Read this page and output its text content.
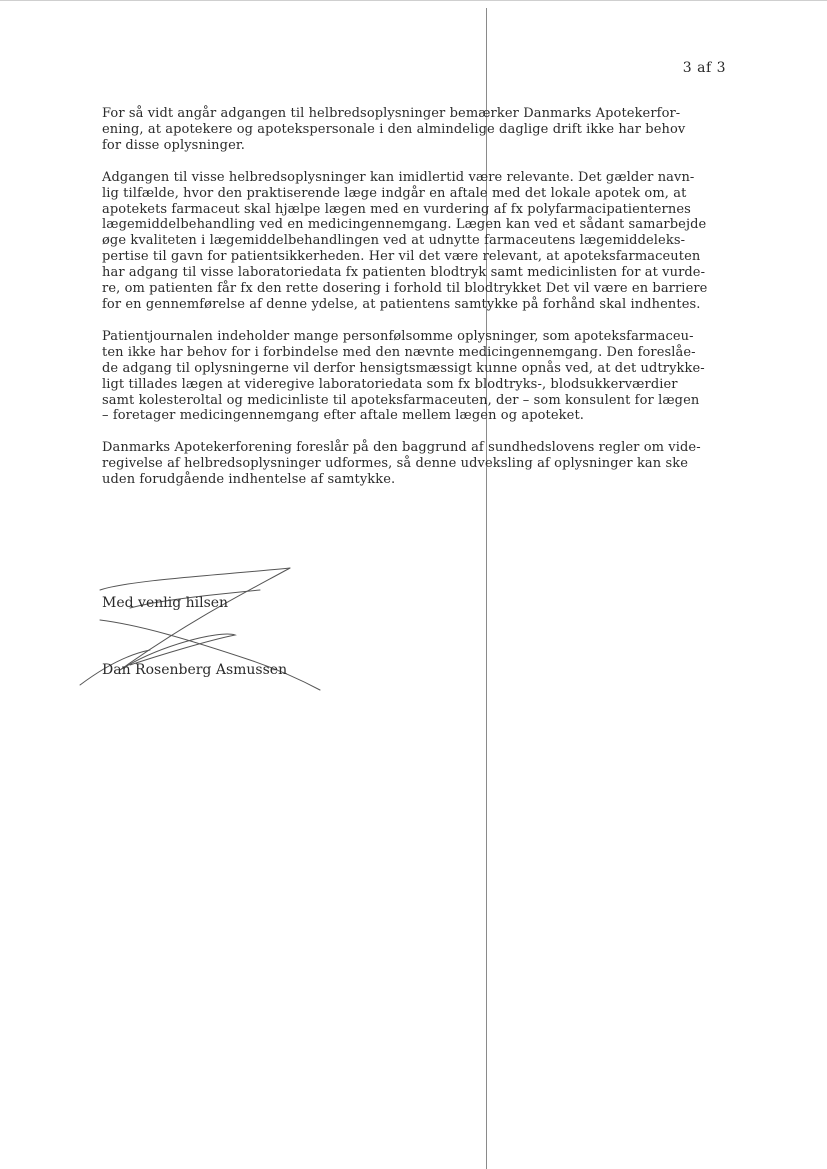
3 af 3

For så vidt angår adgangen til helbredsoplysninger bemærker Danmarks Apotekerfor-
ening, at apotekere og apotekspersonale i den almindelige daglige drift ikke har behov
for disse oplysninger.

Adgangen til visse helbredsoplysninger kan imidlertid være relevante. Det gælder navn-
lig tilfælde, hvor den praktiserende læge indgår en aftale med det lokale apotek om, at
apotekets farmaceut skal hjælpe lægen med en vurdering af fx polyfarmacipatienternes
lægemiddelbehandling ved en medicingennemgang. Lægen kan ved et sådant samarbejde
øge kvaliteten i lægemiddelbehandlingen ved at udnytte farmaceutens lægemiddeleks-
pertise til gavn for patientsikkerheden. Her vil det være relevant, at apoteksfarmaceuten
har adgang til visse laboratoriedata fx patienten blodtryk samt medicinlisten for at vurde-
re, om patienten får fx den rette dosering i forhold til blodtrykket Det vil være en barriere
for en gennemførelse af denne ydelse, at patientens samtykke på forhånd skal indhentes.

Patientjournalen indeholder mange personfølsomme oplysninger, som apoteksfarmaceu-
ten ikke har behov for i forbindelse med den nævnte medicingennemgang. Den foreslåe-
de adgang til oplysningerne vil derfor hensigtsmæssigt kunne opnås ved, at det udtrykke-
ligt tillades lægen at videregive laboratoriedata som fx blodtryks-, blodsukkerværdier
samt kolesteroltal og medicinliste til apoteksfarmaceuten, der – som konsulent for lægen
– foretager medicingennemgang efter aftale mellem lægen og apoteket.

Danmarks Apotekerforening foreslår på den baggrund af sundhedslovens regler om vide-
regivelse af helbredsoplysninger udformes, så denne udveksling af oplysninger kan ske
uden forudgående indhentelse af samtykke.

Med venlig hilsen
Dan Rosenberg Asmussen
